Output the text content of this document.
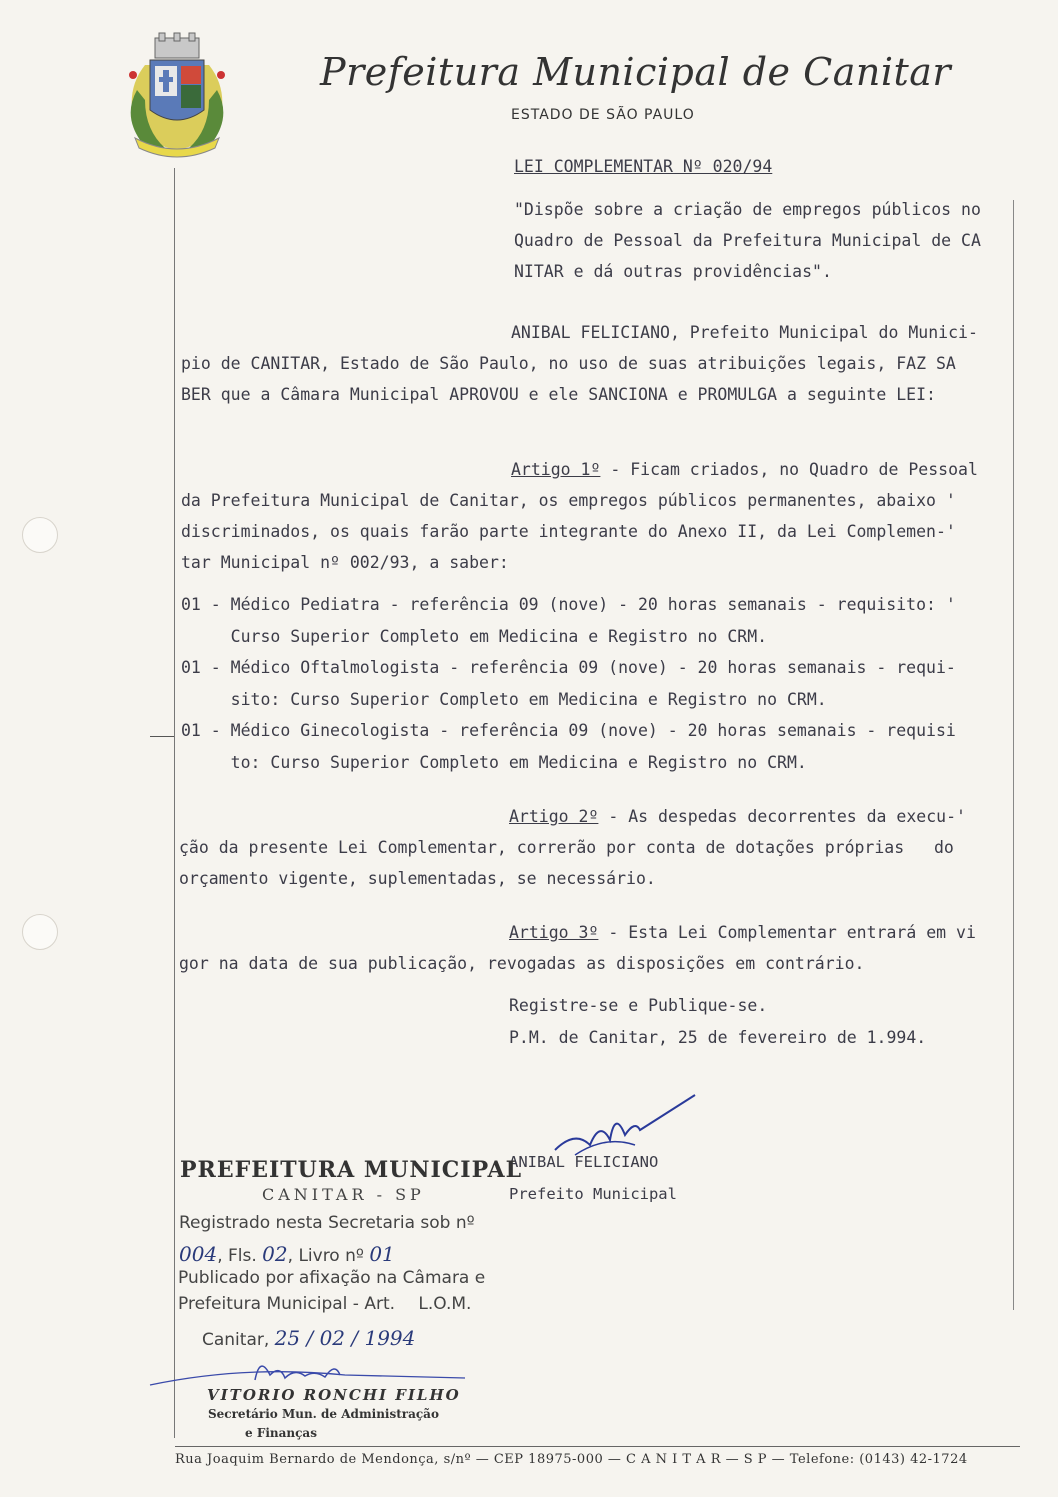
Prefeitura Municipal de Canitar
ESTADO DE SÃO PAULO
LEI COMPLEMENTAR Nº 020/94
"Dispõe sobre a criação de empregos públicos no
Quadro de Pessoal da Prefeitura Municipal de CA
NITAR e dá outras providências".
ANIBAL FELICIANO, Prefeito Municipal do Munici-
pio de CANITAR, Estado de São Paulo, no uso de suas atribuições legais, FAZ SA
BER que a Câmara Municipal APROVOU e ele SANCIONA e PROMULGA a seguinte LEI:
Artigo 1º - Ficam criados, no Quadro de Pessoal
da Prefeitura Municipal de Canitar, os empregos públicos permanentes, abaixo '
discriminados, os quais farão parte integrante do Anexo II, da Lei Complemen-'
tar Municipal nº 002/93, a saber:
01 - Médico Pediatra - referência 09 (nove) - 20 horas semanais - requisito: '
Curso Superior Completo em Medicina e Registro no CRM.
01 - Médico Oftalmologista - referência 09 (nove) - 20 horas semanais - requi-
sito: Curso Superior Completo em Medicina e Registro no CRM.
01 - Médico Ginecologista - referência 09 (nove) - 20 horas semanais - requisi
to: Curso Superior Completo em Medicina e Registro no CRM.
Artigo 2º - As despedas decorrentes da execu-'
ção da presente Lei Complementar, correrão por conta de dotações próprias   do
orçamento vigente, suplementadas, se necessário.
Artigo 3º - Esta Lei Complementar entrará em vi
gor na data de sua publicação, revogadas as disposições em contrário.
Registre-se e Publique-se.
P.M. de Canitar, 25 de fevereiro de 1.994.
ANIBAL FELICIANO
Prefeito Municipal
PREFEITURA MUNICIPAL
CANITAR - SP
Registrado nesta Secretaria sob nº
004, Fls. 02, Livro nº 01
Publicado por afixação na Câmara e
Prefeitura Municipal - Art. L.O.M.
Canitar, 25 / 02 / 1994
VITORIO RONCHI FILHO
Secretário Mun. de Administração
e Finanças
Rua Joaquim Bernardo de Mendonça, s/nº — CEP 18975-000 — C A N I T A R — S P — Telefone: (0143) 42-1724
